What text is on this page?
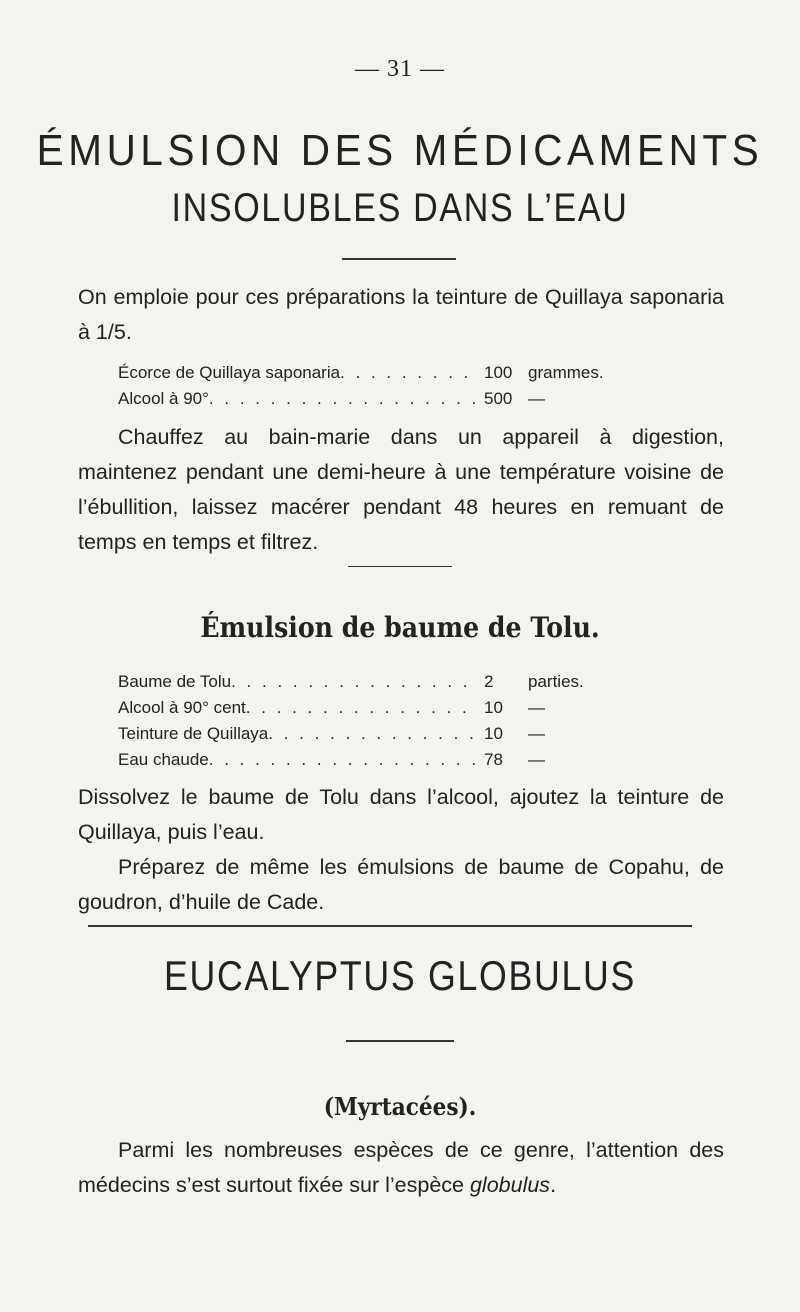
— 31 —
ÉMULSION DES MÉDICAMENTS
INSOLUBLES DANS L’EAU

On emploie pour ces préparations la teinture de Quillaya saponaria à 1/5.

Écorce de Quillaya saponaria . . .	100 grammes.
Alcool à 90° . . .	500 —

Chauffez au bain-marie dans un appareil à digestion, maintenez pendant une demi-heure à une température voisine de l’ébullition, laissez macérer pendant 48 heures en remuant de temps en temps et filtrez.

Émulsion de baume de Tolu.
Baume de Tolu . . .	2	parties.
Alcool à 90° cent . . .	10	—
Teinture de Quillaya . . .	10	—
Eau chaude . . .	78	—

Dissolvez le baume de Tolu dans l’alcool, ajoutez la teinture de Quillaya, puis l’eau.

Préparez de même les émulsions de baume de Copahu, de goudron, d’huile de Cade.

EUCALYPTUS GLOBULUS
(Myrtacées).

Parmi les nombreuses espèces de ce genre, l’attention des médecins s’est surtout fixée sur l’espèce globulus.
